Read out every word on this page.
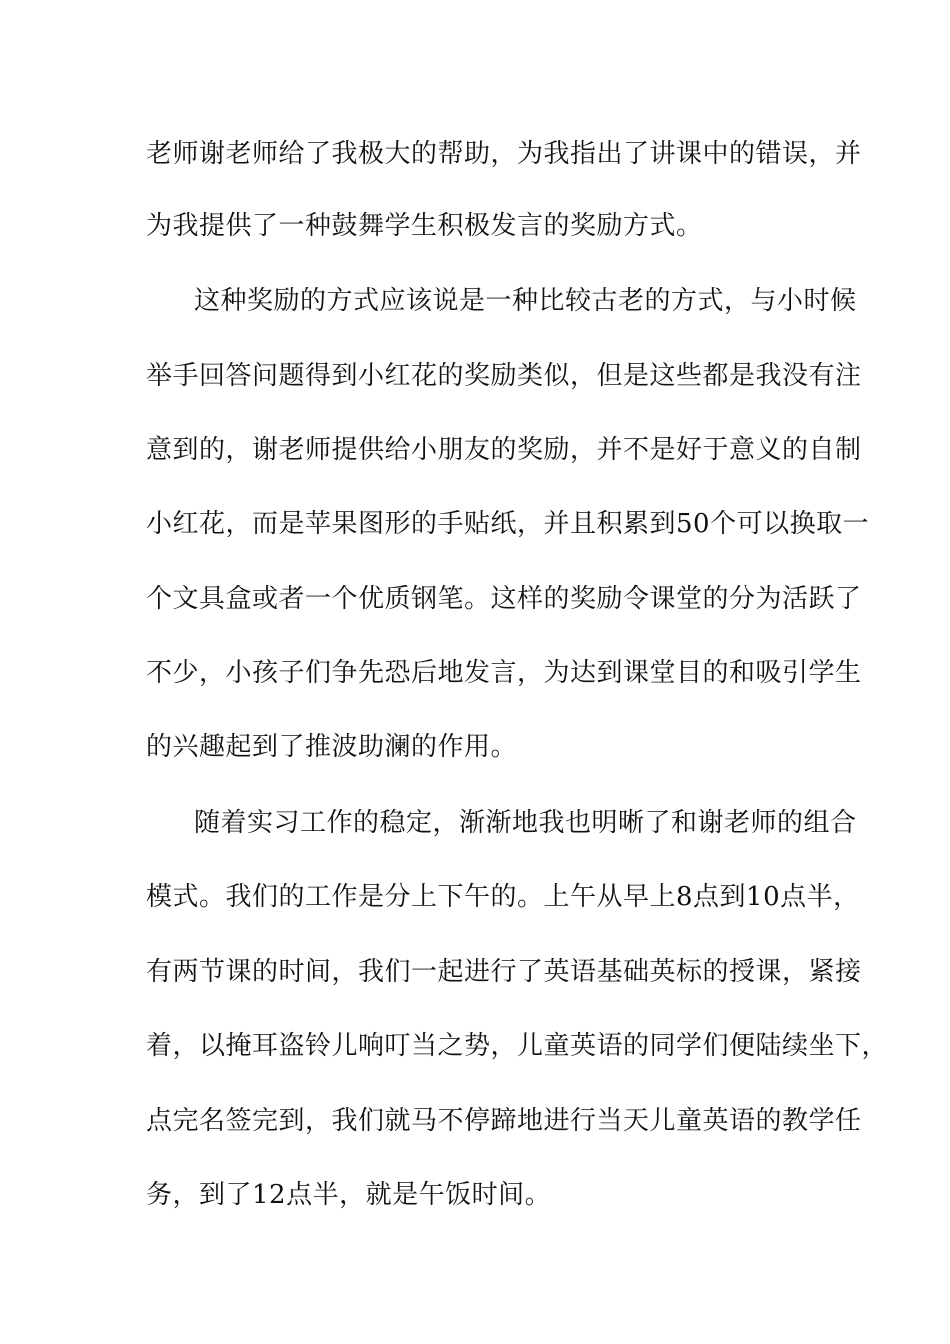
老师谢老师给了我极大的帮助，为我指出了讲课中的错误，并
为我提供了一种鼓舞学生积极发言的奖励方式。
这种奖励的方式应该说是一种比较古老的方式，与小时候
举手回答问题得到小红花的奖励类似，但是这些都是我没有注
意到的，谢老师提供给小朋友的奖励，并不是好于意义的自制
小红花，而是苹果图形的手贴纸，并且积累到50个可以换取一
个文具盒或者一个优质钢笔。这样的奖励令课堂的分为活跃了
不少，小孩子们争先恐后地发言，为达到课堂目的和吸引学生
的兴趣起到了推波助澜的作用。
随着实习工作的稳定，渐渐地我也明晰了和谢老师的组合
模式。我们的工作是分上下午的。上午从早上8点到10点半，
有两节课的时间，我们一起进行了英语基础英标的授课，紧接
着，以掩耳盗铃儿响叮当之势，儿童英语的同学们便陆续坐下，
点完名签完到，我们就马不停蹄地进行当天儿童英语的教学任
务，到了12点半，就是午饭时间。
